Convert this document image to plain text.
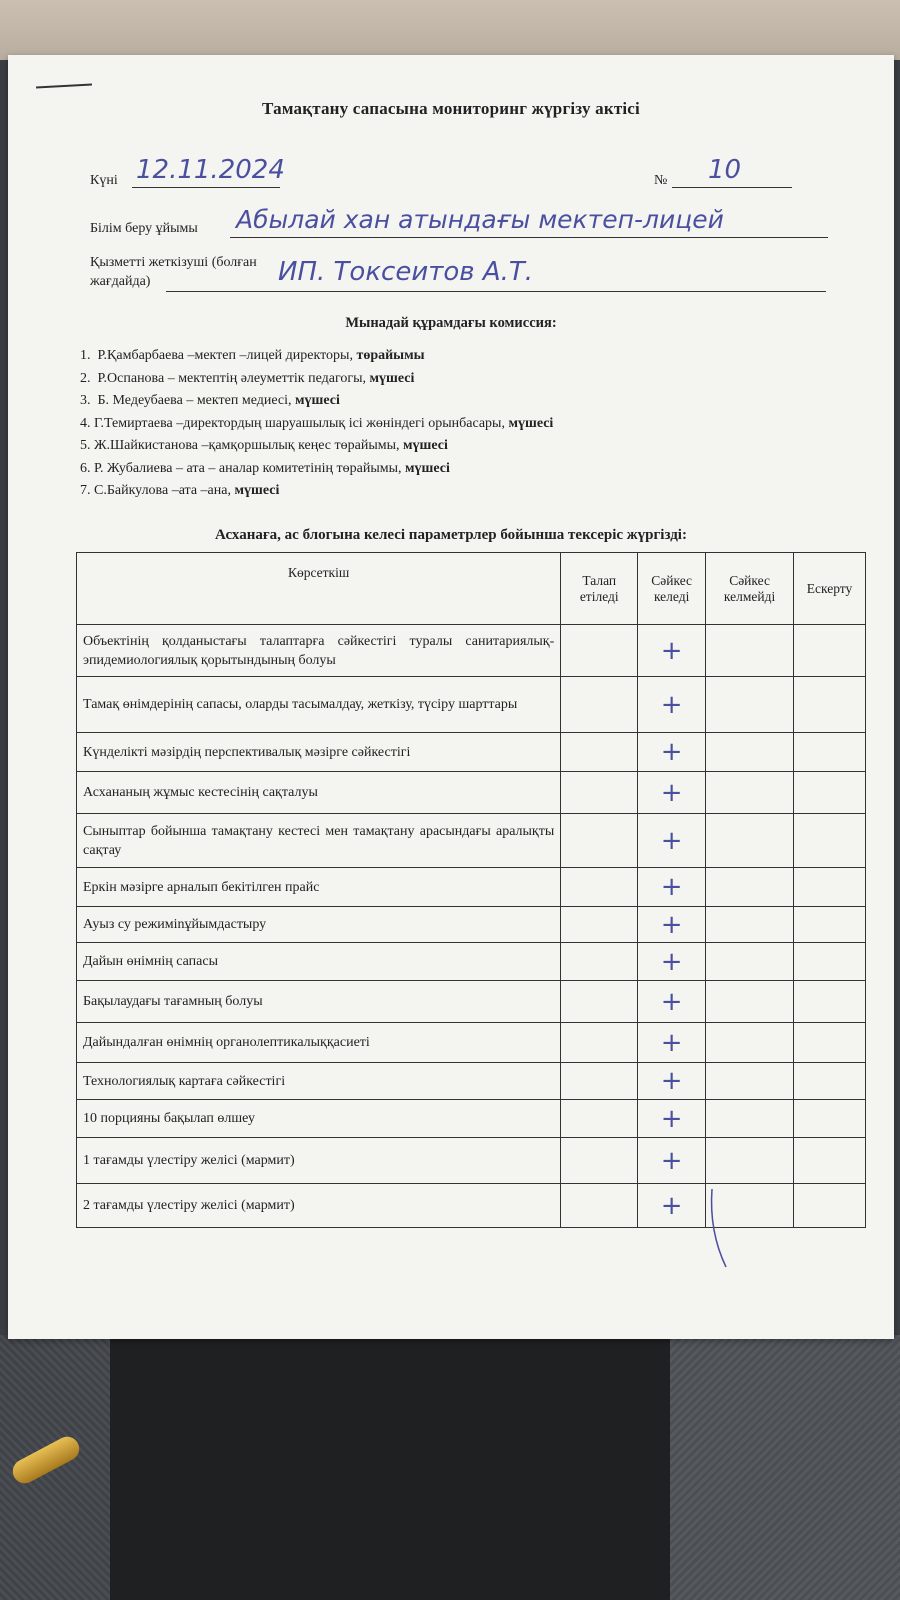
Тамақтану сапасына мониторинг жүргізу актісі
Күні 12.11.2024	№ 10
Білім беру ұйымы Абылай хан атындағы мектеп-лицей
Қызметті жеткізуші (болған
жағдайда)	ИП. Токсеитов А.Т.
Мынадай құрамдағы комиссия:
1. Р.Қамбарбаева –мектеп –лицей директоры, төрайымы
2. Р.Оспанова – мектептің әлеуметтік педагогы, мүшесі
3. Б. Медеубаева – мектеп медиесі, мүшесі
4. Г.Темиртаева –директордың шаруашылық ісі жөніндегі орынбасары, мүшесі
5. Ж.Шайкистанова –қамқоршылық кеңес төрайымы, мүшесі
6. Р. Жубалиева – ата – аналар комитетінің төрайымы, мүшесі
7. С.Байкулова –ата –ана, мүшесі
Асханаға, ас блогына келесі параметрлер бойынша тексеріс жүргізді:
Көрсеткіш	Талап етіледі	Сәйкес келеді	Сәйкес келмейді	Ескерту
Объектінің қолданыстағы талаптарға сәйкестігі туралы санитариялық-эпидемиологиялық қорытындының болуы		+		
Тамақ өнімдерінің сапасы, оларды тасымалдау, жеткізу, түсіру шарттары		+		
Күнделікті мәзірдің перспективалық мәзірге сәйкестігі		+		
Асхананың жұмыс кестесінің сақталуы		+		
Сыныптар бойынша тамақтану кестесі мен тамақтану арасындағы аралықты сақтау		+		
Еркін мәзірге арналып бекітілген прайс		+		
Ауыз су режиміnұйымдастыру		+		
Дайын өнімнің сапасы		+		
Бақылаудағы тағамның болуы		+		
Дайындалған өнімнің органолептикалыққасиеті		+		
Технологиялық картаға сәйкестігі		+		
10 порцияны бақылап өлшеу		+		
1 тағамды үлестіру желісі (мармит)		+		
2 тағамды үлестіру желісі (мармит)		+		
